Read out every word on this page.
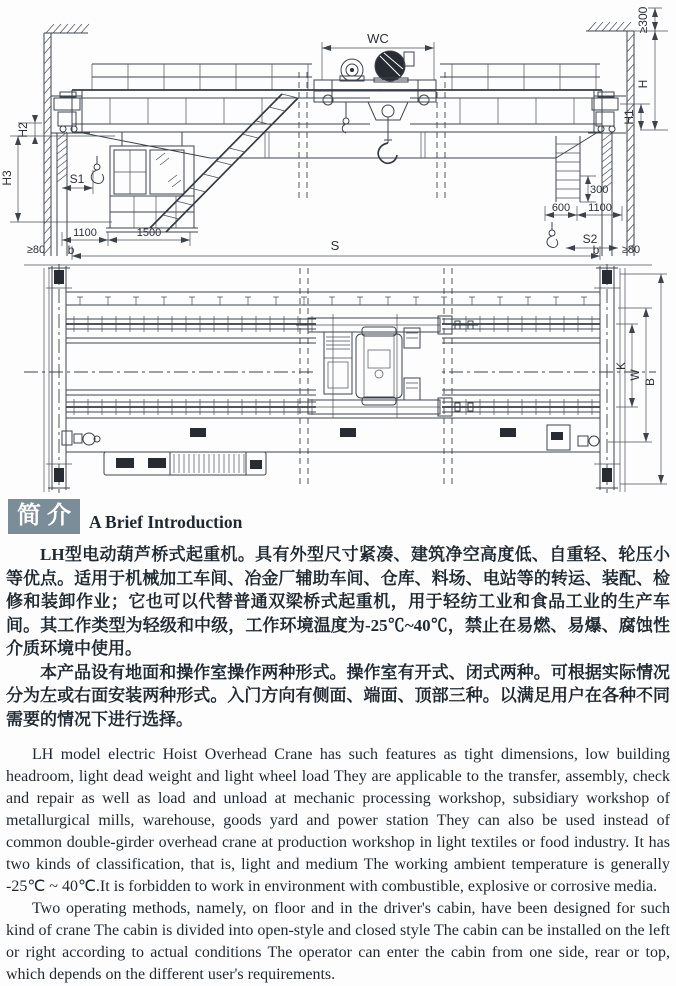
WC
≥300
H
H1
H2
H3	S1
1100	1500
≥80 b	S	b ≥80
600 1100
300
S2
K
W
B
简介 A Brief Introduction

LH型电动葫芦桥式起重机。具有外型尺寸紧凑、建筑净空高度低、自重轻、轮压小等优点。适用于机械加工车间、冶金厂辅助车间、仓库、料场、电站等的转运、装配、检修和装卸作业；它也可以代替普通双梁桥式起重机，用于轻纺工业和食品工业的生产车间。其工作类型为轻级和中级，工作环境温度为-25℃~40℃，禁止在易燃、易爆、腐蚀性介质环境中使用。

本产品设有地面和操作室操作两种形式。操作室有开式、闭式两种。可根据实际情况分为左或右面安装两种形式。入门方向有侧面、端面、顶部三种。以满足用户在各种不同需要的情况下进行选择。

LH model electric Hoist Overhead Crane has such features as tight dimensions, low building headroom, light dead weight and light wheel load They are applicable to the transfer, assembly, check and repair as well as load and unload at mechanic processing workshop, subsidiary workshop of metallurgical mills, warehouse, goods yard and power station They can also be used instead of common double-girder overhead crane at production workshop in light textiles or food industry. It has two kinds of classification, that is, light and medium The working ambient temperature is generally -25℃ ~ 40℃.It is forbidden to work in environment with combustible, explosive or corrosive media.

Two operating methods, namely, on floor and in the driver's cabin, have been designed for such kind of crane The cabin is divided into open-style and closed style The cabin can be installed on the left or right according to actual conditions The operator can enter the cabin from one side, rear or top, which depends on the different user's requirements.
